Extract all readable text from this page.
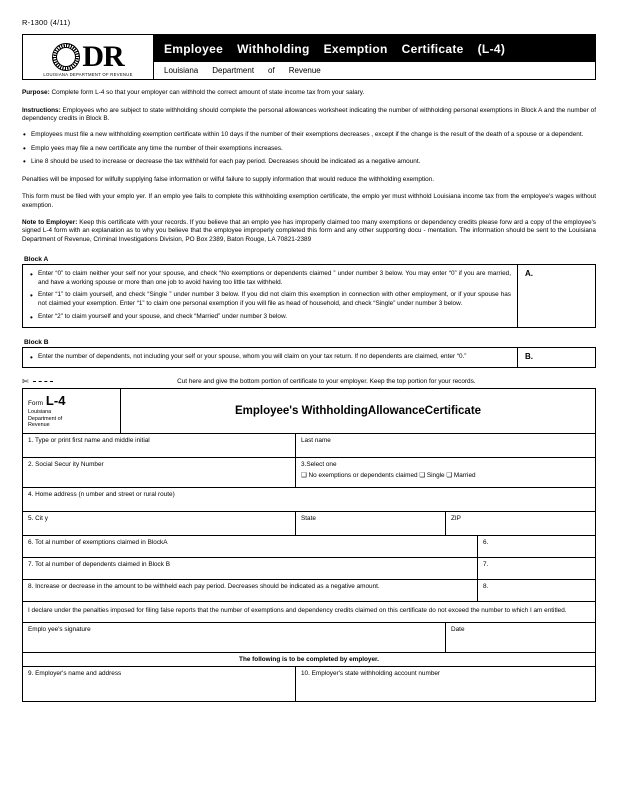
R-1300 (4/11)
DR
LOUISIANA DEPARTMENT OF REVENUE
Employee Withholding Exemption Certificate (L-4)
Louisiana Department of Revenue
Purpose: Complete form L-4 so that your employer can withhold the correct amount of state income tax from your salary.
Instructions: Employees who are subject to state withholding should complete the personal allowances worksheet indicating the number of withholding personal exemptions in Block A and the number of dependency credits in Block B.
• Employees must file a new withholding exemption certificate within 10 days if the number of their exemptions decreases , except if the change is the result of the death of a spouse or a dependent.
• Emplo yees may file a new certificate any time the number of their exemptions increases.
• Line 8 should be used to increase or decrease the tax withheld for each pay period. Decreases should be indicated as a negative amount.
Penalties will be imposed for wilfully supplying false information or wilful failure to supply information that would reduce the withholding exemption.
This form must be filed with your emplo yer. If an emplo yee fails to complete this withholding exemption certificate, the emplo yer must withhold Louisiana income tax from the employee's wages without exemption.
Note to Employer: Keep this certificate with your records. If you believe that an emplo yee has improperly claimed too many exemptions or dependency credits please forw ard a copy of the employee's signed L-4 form with an explanation as to why you believe that the employee improperly completed this form and any other supporting docu - mentation. The information should be sent to the Louisiana Department of Revenue, Criminal Investigations Division, PO Box 2389, Baton Rouge, LA 70821-2389
Block A
• Enter “0” to claim neither your self nor your spouse, and check “No exemptions or dependents claimed ” under number 3 below. You may enter “0” if you are married, and have a working spouse or more than one job to avoid having too little tax withheld.
• Enter “1” to claim yourself, and check “Single ” under number 3 below. If you did not claim this exemption in connection with other employment, or if your spouse has not claimed your exemption. Enter “1” to claim one personal exemption if you will file as head of household, and check “Single” under number 3 below.
• Enter “2” to claim yourself and your spouse, and check “Married” under number 3 below.
A.
Block B
• Enter the number of dependents, not including your self or your spouse, whom you will claim on your tax return. If no dependents are claimed, enter “0.”	B.
✄	Cut here and give the bottom portion of certificate to your employer. Keep the top portion for your records.
Form L-4
Louisiana
Department of
Revenue
Employee's WithholdingAllowanceCertificate
1. Type or print first name and middle initial	Last name
2. Social Secur ity Number	3.Select one
❑ No exemptions or dependents claimed ❑ Single ❑ Married
4. Home address (n umber and street or rural route)
5. Cit y	State	ZIP
6. Tot al number of exemptions claimed in BlockA	6.
7. Tot al number of dependents claimed in Block B	7.
8. Increase or decrease in the amount to be withheld each pay period. Decreases should be indicated as a negative amount.	8.
I declare under the penalties imposed for filing false reports that the number of exemptions and dependency credits claimed on this certificate do not exceed the number to which I am entitled.
Emplo yee's signature	Date
The following is to be completed by employer.
9. Employer's name and address	10. Employer's state withholding account number
